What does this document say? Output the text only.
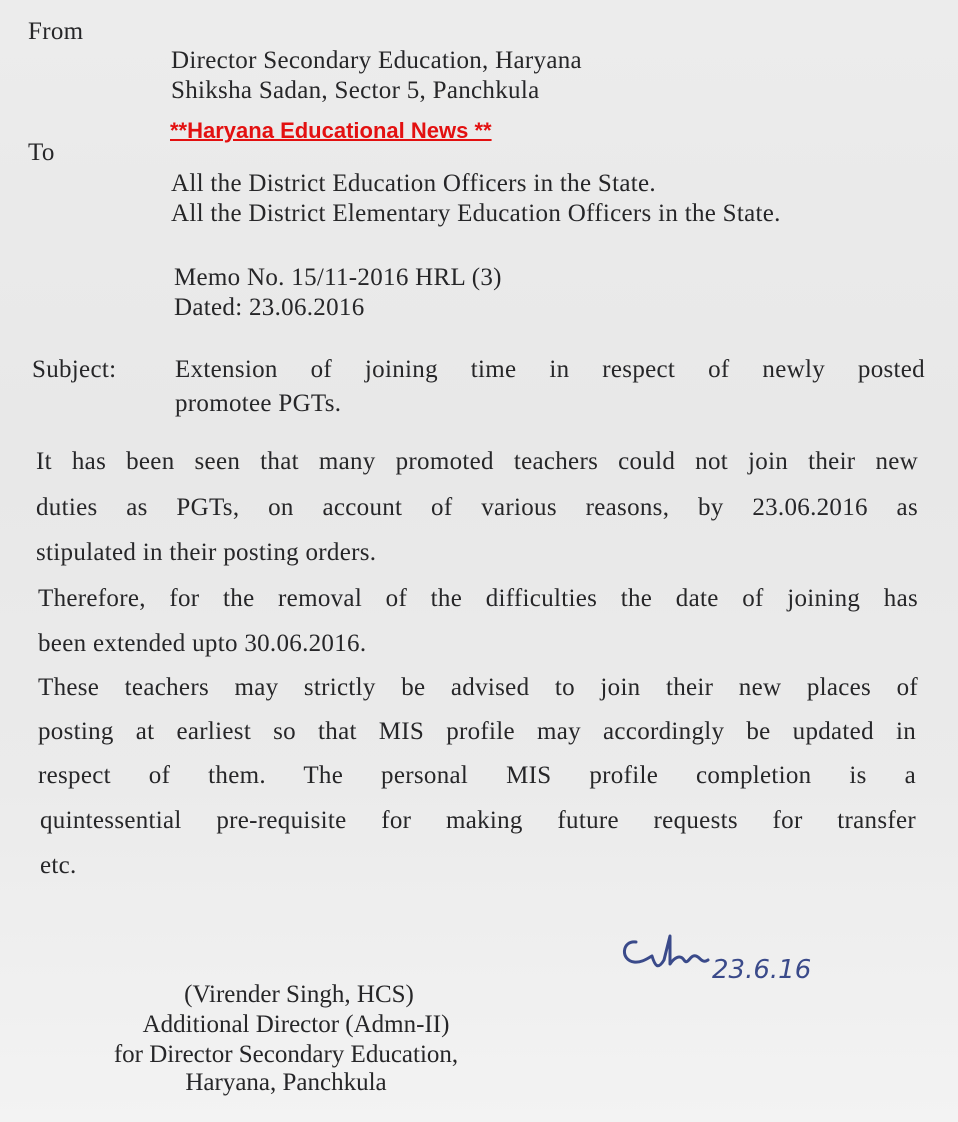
From
Director Secondary Education, Haryana
Shiksha Sadan, Sector 5, Panchkula
**Haryana Educational News **
To
All the District Education Officers in the State.
All the District Elementary Education Officers in the State.
Memo No. 15/11-2016 HRL (3)
Dated: 23.06.2016
Subject: Extension of joining time in respect of newly posted
promotee PGTs.
It has been seen that many promoted teachers could not join their new
duties as PGTs, on account of various reasons, by 23.06.2016 as
stipulated in their posting orders.
Therefore, for the removal of the difficulties the date of joining has
been extended upto 30.06.2016.
These teachers may strictly be advised to join their new places of
posting at earliest so that MIS profile may accordingly be updated in
respect of them. The personal MIS profile completion is a
quintessential pre-requisite for making future requests for transfer
etc.
23.6.16
(Virender Singh, HCS)
Additional Director (Admn-II)
for Director Secondary Education,
Haryana, Panchkula
